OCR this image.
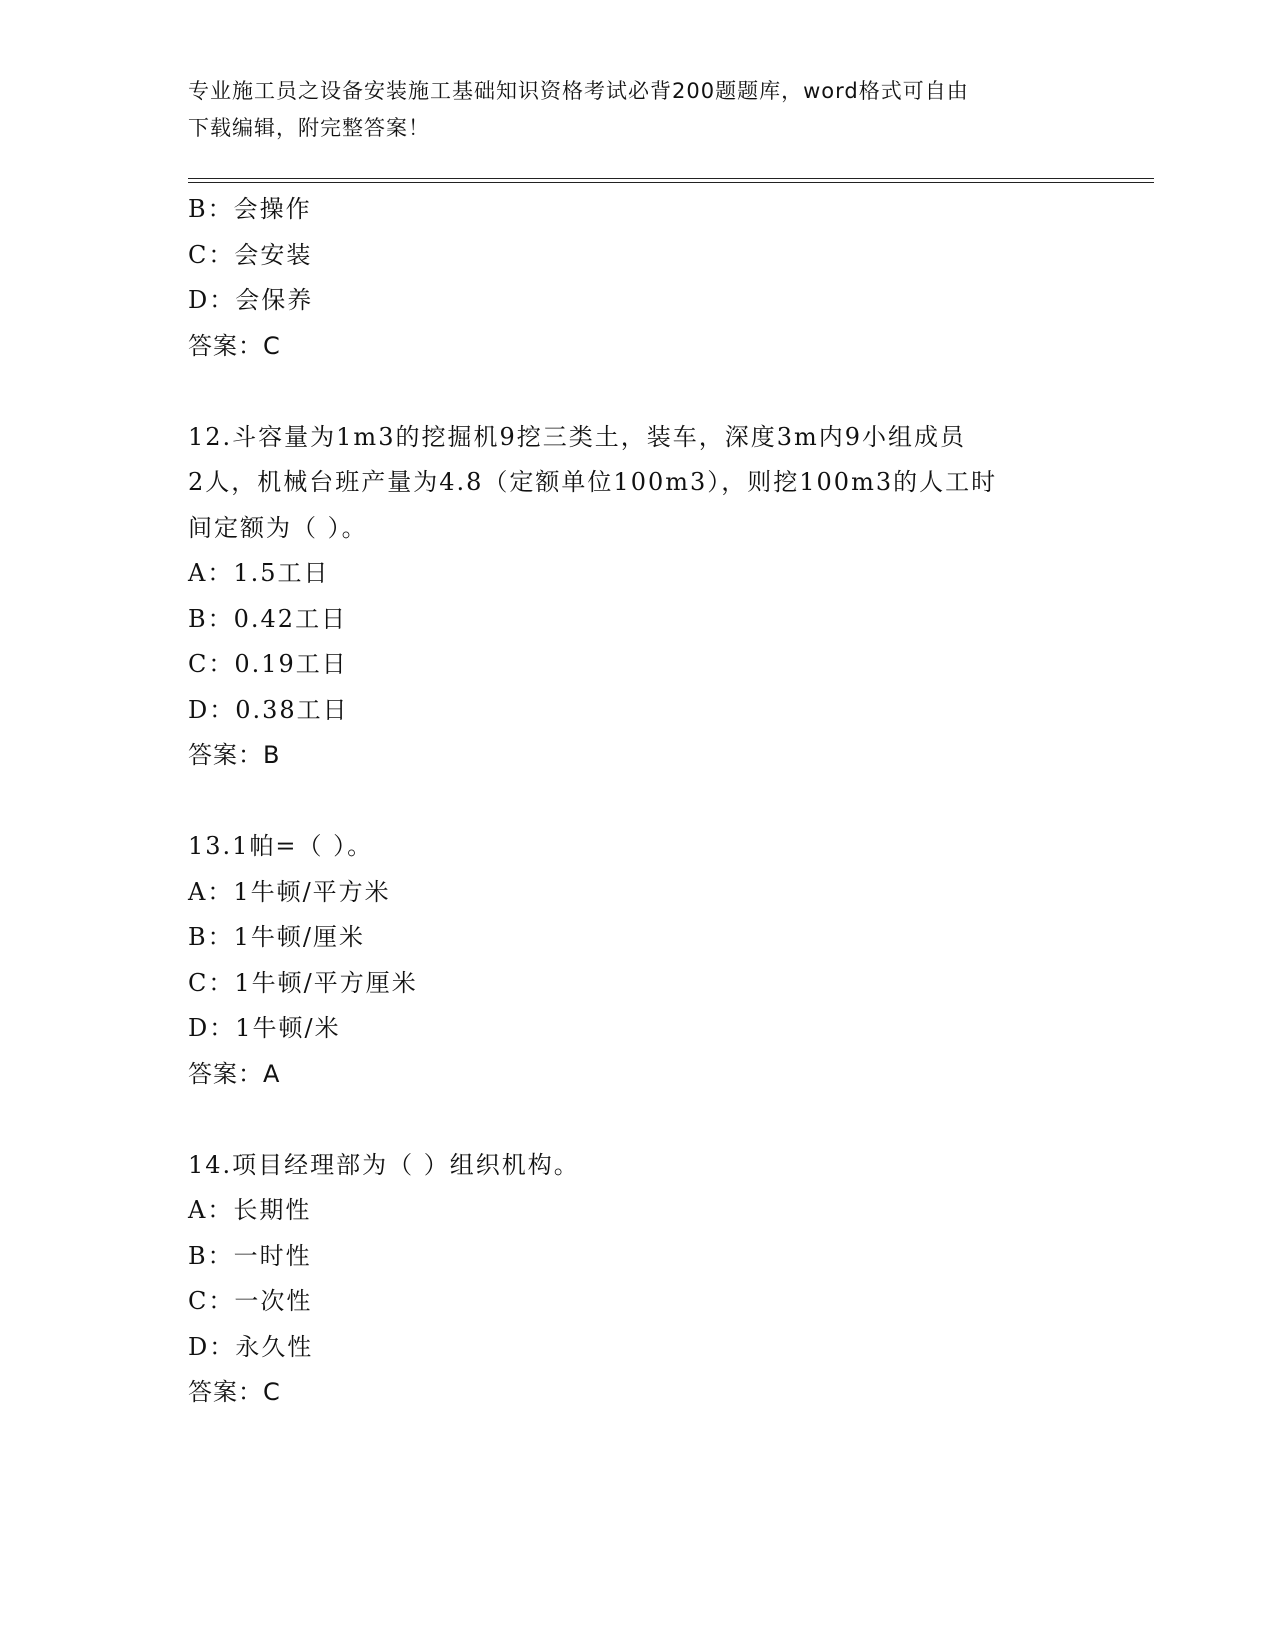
专业施工员之设备安装施工基础知识资格考试必背200题题库，word格式可自由
下载编辑，附完整答案！
B：会操作
C：会安装
D：会保养
答案：C
12.斗容量为1m3的挖掘机9挖三类土，装车，深度3m内9小组成员
2人，机械台班产量为4.8（定额单位100m3），则挖100m3的人工时
间定额为（ ）。
A：1.5工日
B：0.42工日
C：0.19工日
D：0.38工日
答案：B
13.1帕=（ ）。
A：1牛顿/平方米
B：1牛顿/厘米
C：1牛顿/平方厘米
D：1牛顿/米
答案：A
14.项目经理部为（ ）组织机构。
A：长期性
B：一时性
C：一次性
D：永久性
答案：C
